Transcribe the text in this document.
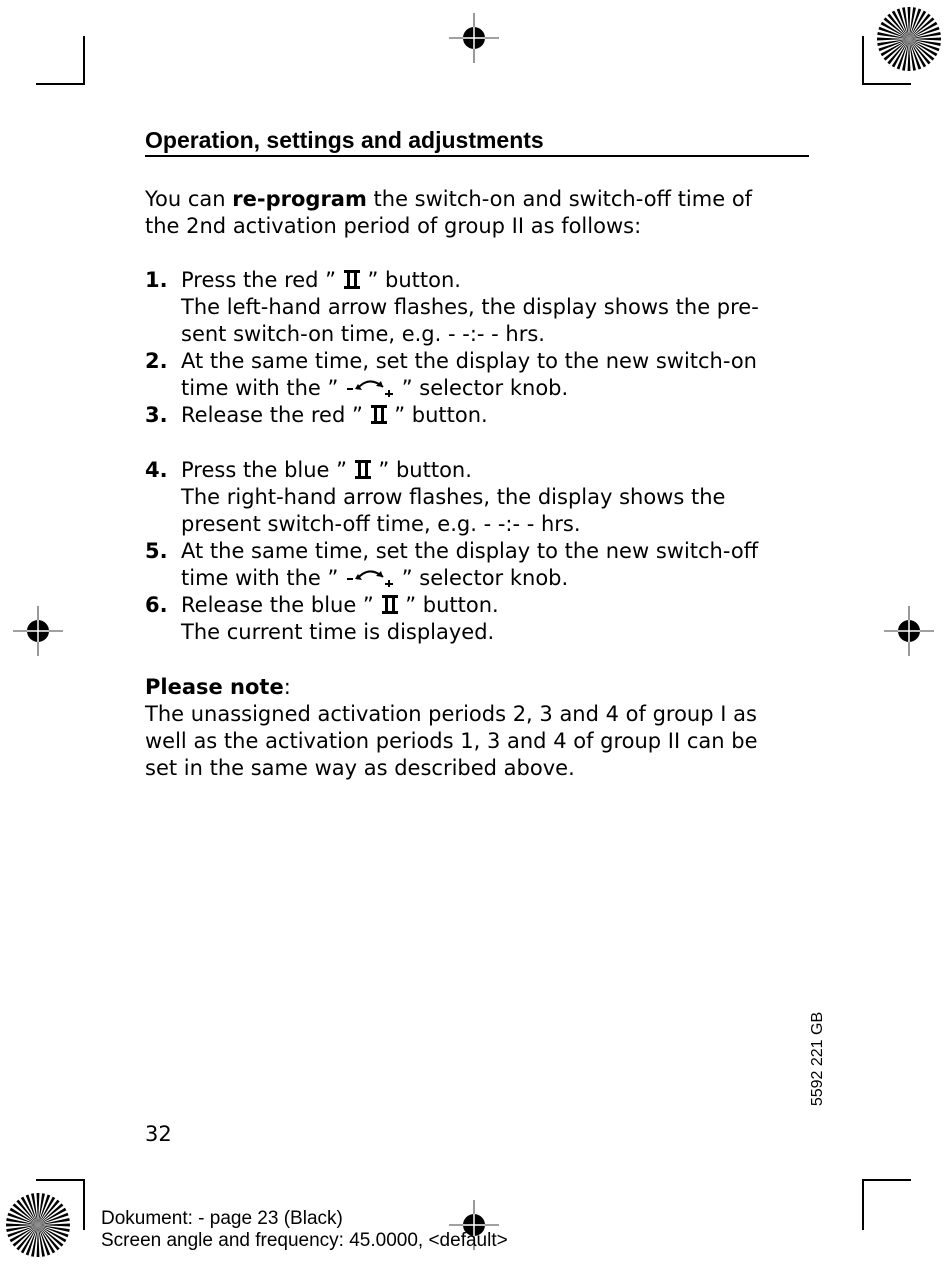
Operation, settings and adjustments
You can re-program the switch-on and switch-off time of
the 2nd activation period of group II as follows:
1. Press the red ” ” button.
The left-hand arrow flashes, the display shows the pre-
sent switch-on time, e.g. - -:- - hrs.
2. At the same time, set the display to the new switch-on
time with the ”	” selector knob.
3. Release the red ” ” button.
4. Press the blue ” ” button.
The right-hand arrow flashes, the display shows the
present switch-off time, e.g. - -:- - hrs.
5. At the same time, set the display to the new switch-off
time with the ”	” selector knob.
6. Release the blue ” ” button.
The current time is displayed.
Please note:
The unassigned activation periods 2, 3 and 4 of group I as
well as the activation periods 1, 3 and 4 of group II can be
set in the same way as described above.
32
5592 221 GB
Dokument: - page 23 (Black)
Screen angle and frequency: 45.0000, <default>
